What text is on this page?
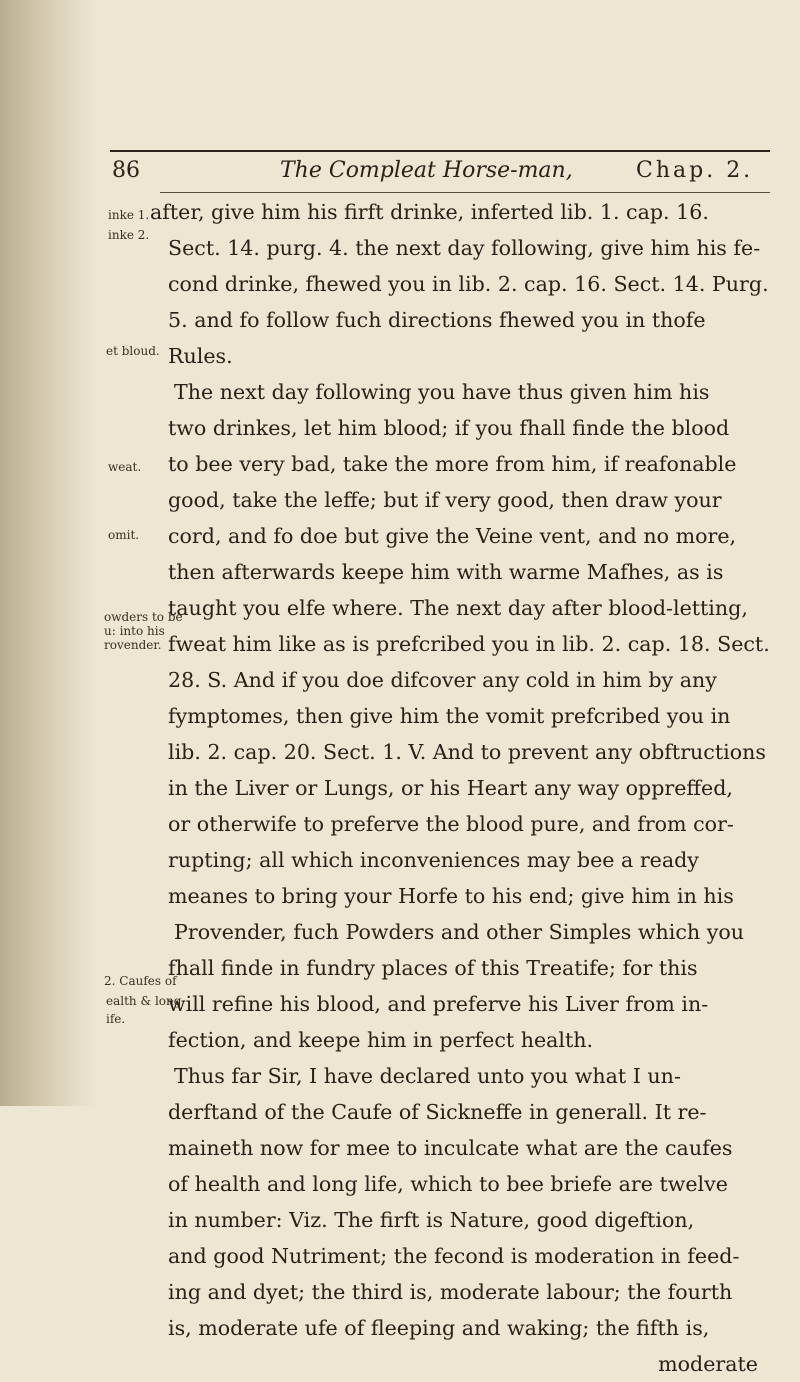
86	The Compleat Horse-man,	Chap. 2.
inke 1.
inke 2.
et bloud.
weat.
omit.
owders to be
u: into his
rovender.
2. Caufes of
ealth & long
ife.
after, give him his firft drinke, inferted lib. 1. cap. 16.
Sect. 14. purg. 4. the next day following, give him his fe-
cond drinke, fhewed you in lib. 2. cap. 16. Sect. 14. Purg.
5. and fo follow fuch directions fhewed you in thofe
Rules.
The next day following you have thus given him his
two drinkes, let him blood; if you fhall finde the blood
to bee very bad, take the more from him, if reafonable
good, take the leffe; but if very good, then draw your
cord, and fo doe but give the Veine vent, and no more,
then afterwards keepe him with warme Mafhes, as is
taught you elfe where. The next day after blood-letting,
fweat him like as is prefcribed you in lib. 2. cap. 18. Sect.
28. S. And if you doe difcover any cold in him by any
fymptomes, then give him the vomit prefcribed you in
lib. 2. cap. 20. Sect. 1. V. And to prevent any obftructions
in the Liver or Lungs, or his Heart any way oppreffed,
or otherwife to preferve the blood pure, and from cor-
rupting; all which inconveniences may bee a ready
meanes to bring your Horfe to his end; give him in his
Provender, fuch Powders and other Simples which you
fhall finde in fundry places of this Treatife; for this
will refine his blood, and preferve his Liver from in-
fection, and keepe him in perfect health.
Thus far Sir, I have declared unto you what I un-
derftand of the Caufe of Sickneffe in generall. It re-
maineth now for mee to inculcate what are the caufes
of health and long life, which to bee briefe are twelve
in number: Viz. The firft is Nature, good digeftion,
and good Nutriment; the fecond is moderation in feed-
ing and dyet; the third is, moderate labour; the fourth
is, moderate ufe of fleeping and waking; the fifth is,
moderate
